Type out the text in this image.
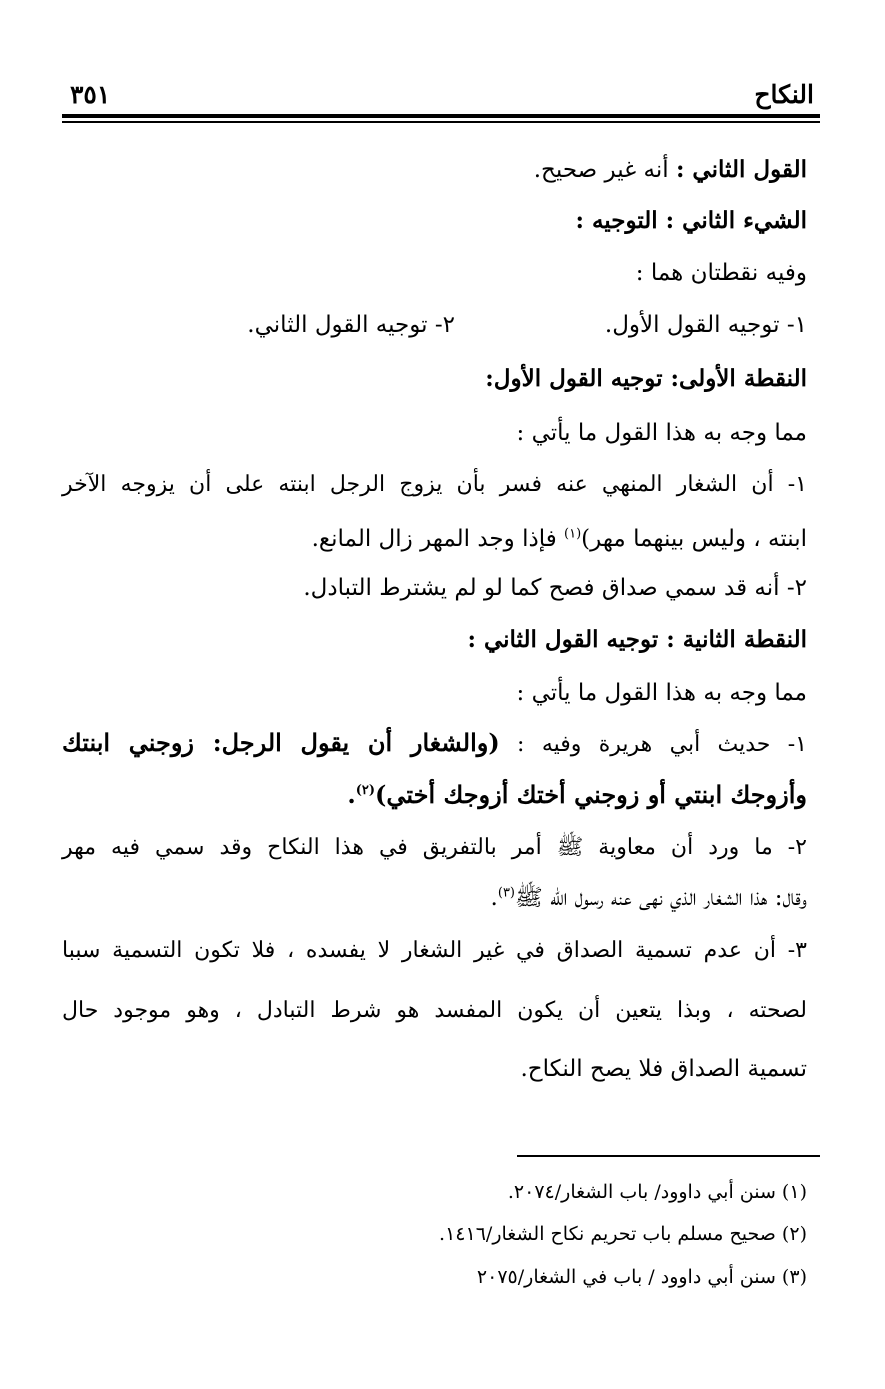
النكاح
٣٥١
القول الثاني : أنه غير صحيح.
الشيء الثاني : التوجيه :
وفيه نقطتان هما :
١- توجيه القول الأول.
٢- توجيه القول الثاني.
النقطة الأولى: توجيه القول الأول:
مما وجه به هذا القول ما يأتي :
١- أن الشغار المنهي عنه فسر بأن يزوج الرجل ابنته على أن يزوجه الآخر
ابنته ، وليس بينهما مهر)$^{(١)}$ فإذا وجد المهر زال المانع.
٢- أنه قد سمي صداق فصح كما لو لم يشترط التبادل.
النقطة الثانية : توجيه القول الثاني :
مما وجه به هذا القول ما يأتي :
١- حديث أبي هريرة وفيه : (والشغار أن يقول الرجل: زوجني ابنتك
وأزوجك ابنتي أو زوجني أختك أزوجك أختي)$^{(٢)}$.
٢- ما ورد أن معاوية ﷺ أمر بالتفريق في هذا النكاح وقد سمي فيه مهر
وقال: هذا الشغار الذي نهى عنه رسول الله ﷺ$^{(٣)}$.
٣- أن عدم تسمية الصداق في غير الشغار لا يفسده ، فلا تكون التسمية سببا
لصحته ، وبذا يتعين أن يكون المفسد هو شرط التبادل ، وهو موجود حال
تسمية الصداق فلا يصح النكاح.
(١) سنن أبي داوود/ باب الشغار/٢٠٧٤.
(٢) صحيح مسلم باب تحريم نكاح الشغار/١٤١٦.
(٣) سنن أبي داوود / باب في الشغار/٢٠٧٥
